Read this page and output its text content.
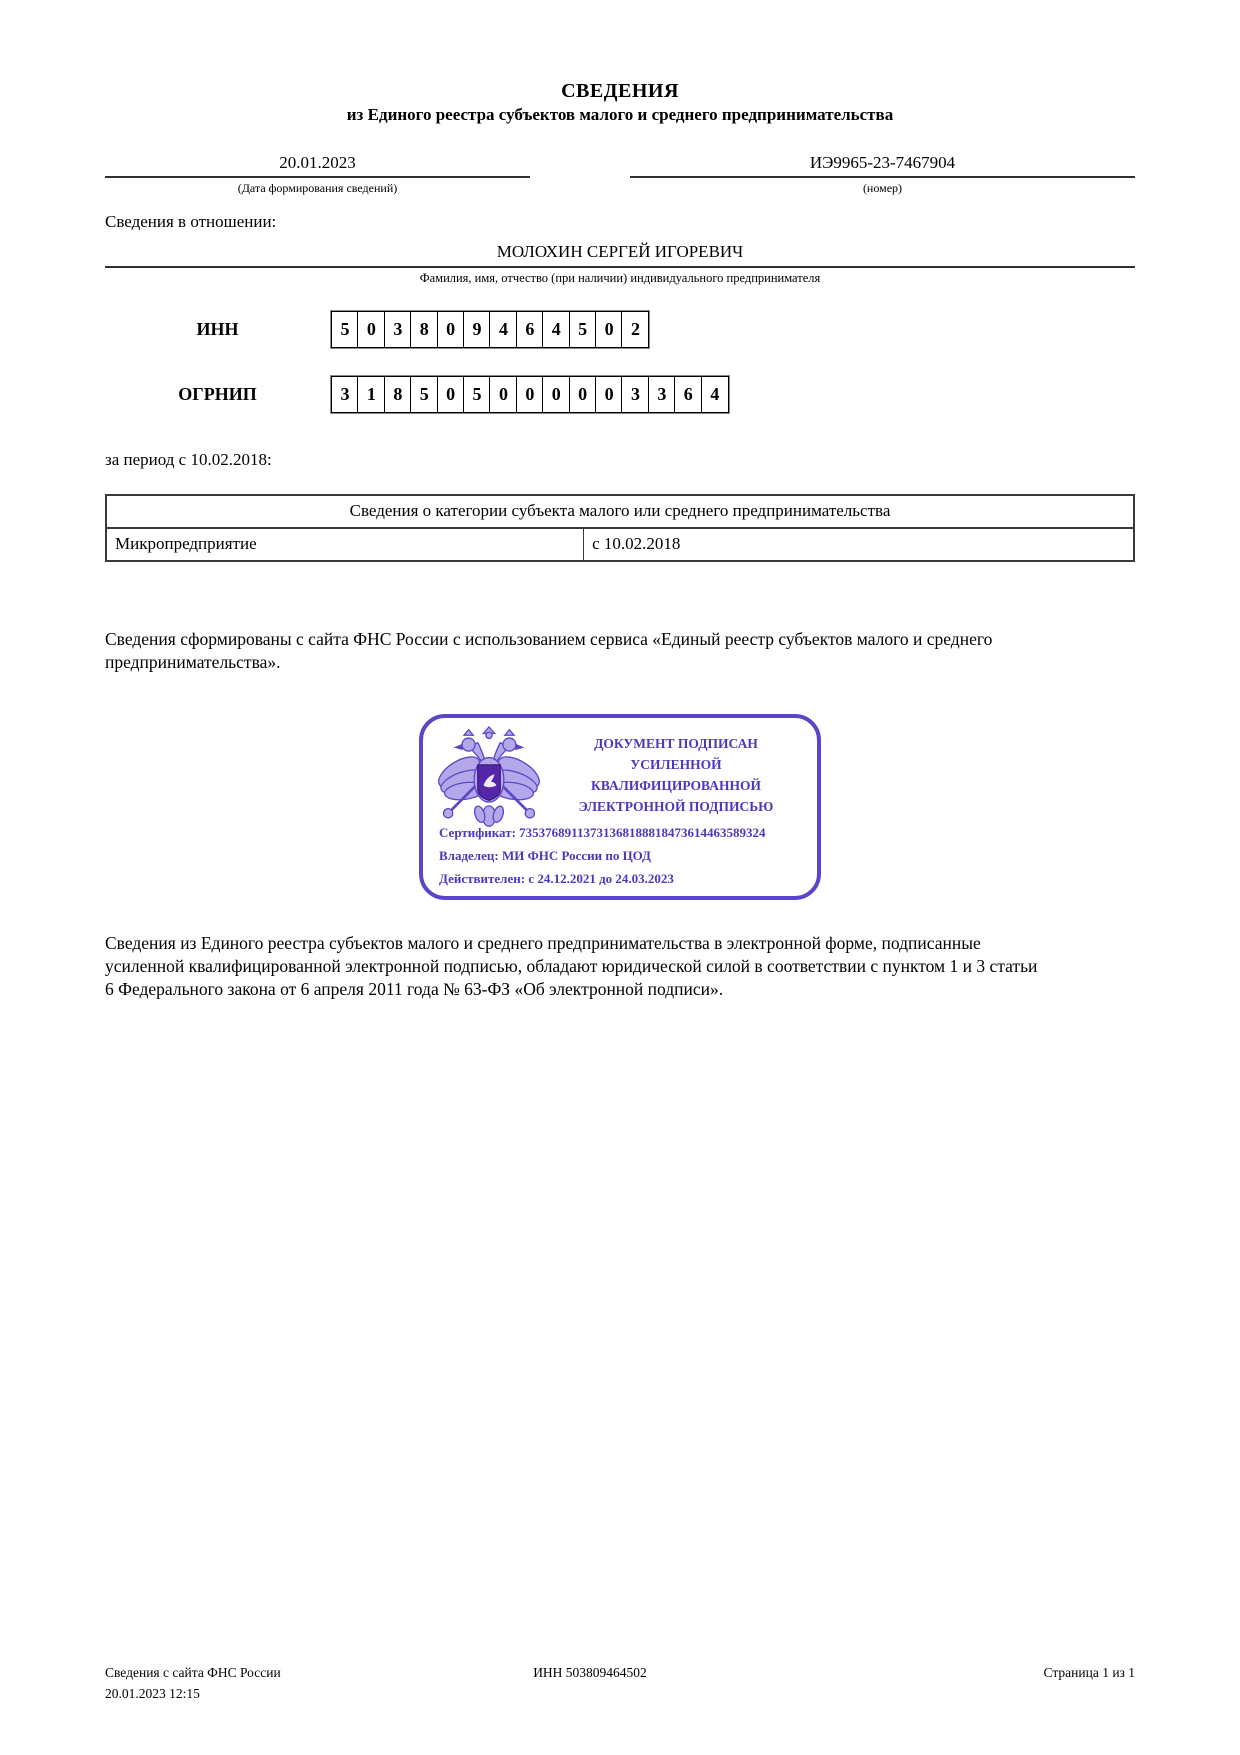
СВЕДЕНИЯ
из Единого реестра субъектов малого и среднего предпринимательства
20.01.2023
(Дата формирования сведений)
ИЭ9965-23-7467904
(номер)
Сведения в отношении:
МОЛОХИН СЕРГЕЙ ИГОРЕВИЧ
Фамилия, имя, отчество (при наличии) индивидуального предпринимателя
ИНН	5 0 3 8 0 9 4 6 4 5 0 2
ОГРНИП	3 1 8 5 0 5 0 0 0 0 0 3 3 6 4
за период с 10.02.2018:
Сведения о категории субъекта малого или среднего предпринимательства
Микропредприятие	с 10.02.2018
Сведения сформированы с сайта ФНС России с использованием сервиса «Единый реестр субъектов малого и среднего предпринимательства».
ДОКУМЕНТ ПОДПИСАН
УСИЛЕННОЙ КВАЛИФИЦИРОВАННОЙ
ЭЛЕКТРОННОЙ ПОДПИСЬЮ
Сертификат: 73537689113731368188818473614463589324
Владелец: МИ ФНС России по ЦОД
Действителен: с 24.12.2021 до 24.03.2023
Сведения из Единого реестра субъектов малого и среднего предпринимательства в электронной форме, подписанные усиленной квалифицированной электронной подписью, обладают юридической силой в соответствии с пунктом 1 и 3 статьи 6 Федерального закона от 6 апреля 2011 года № 63-ФЗ «Об электронной подписи».
Сведения с сайта ФНС России
20.01.2023 12:15
ИНН 503809464502	Страница 1 из 1
